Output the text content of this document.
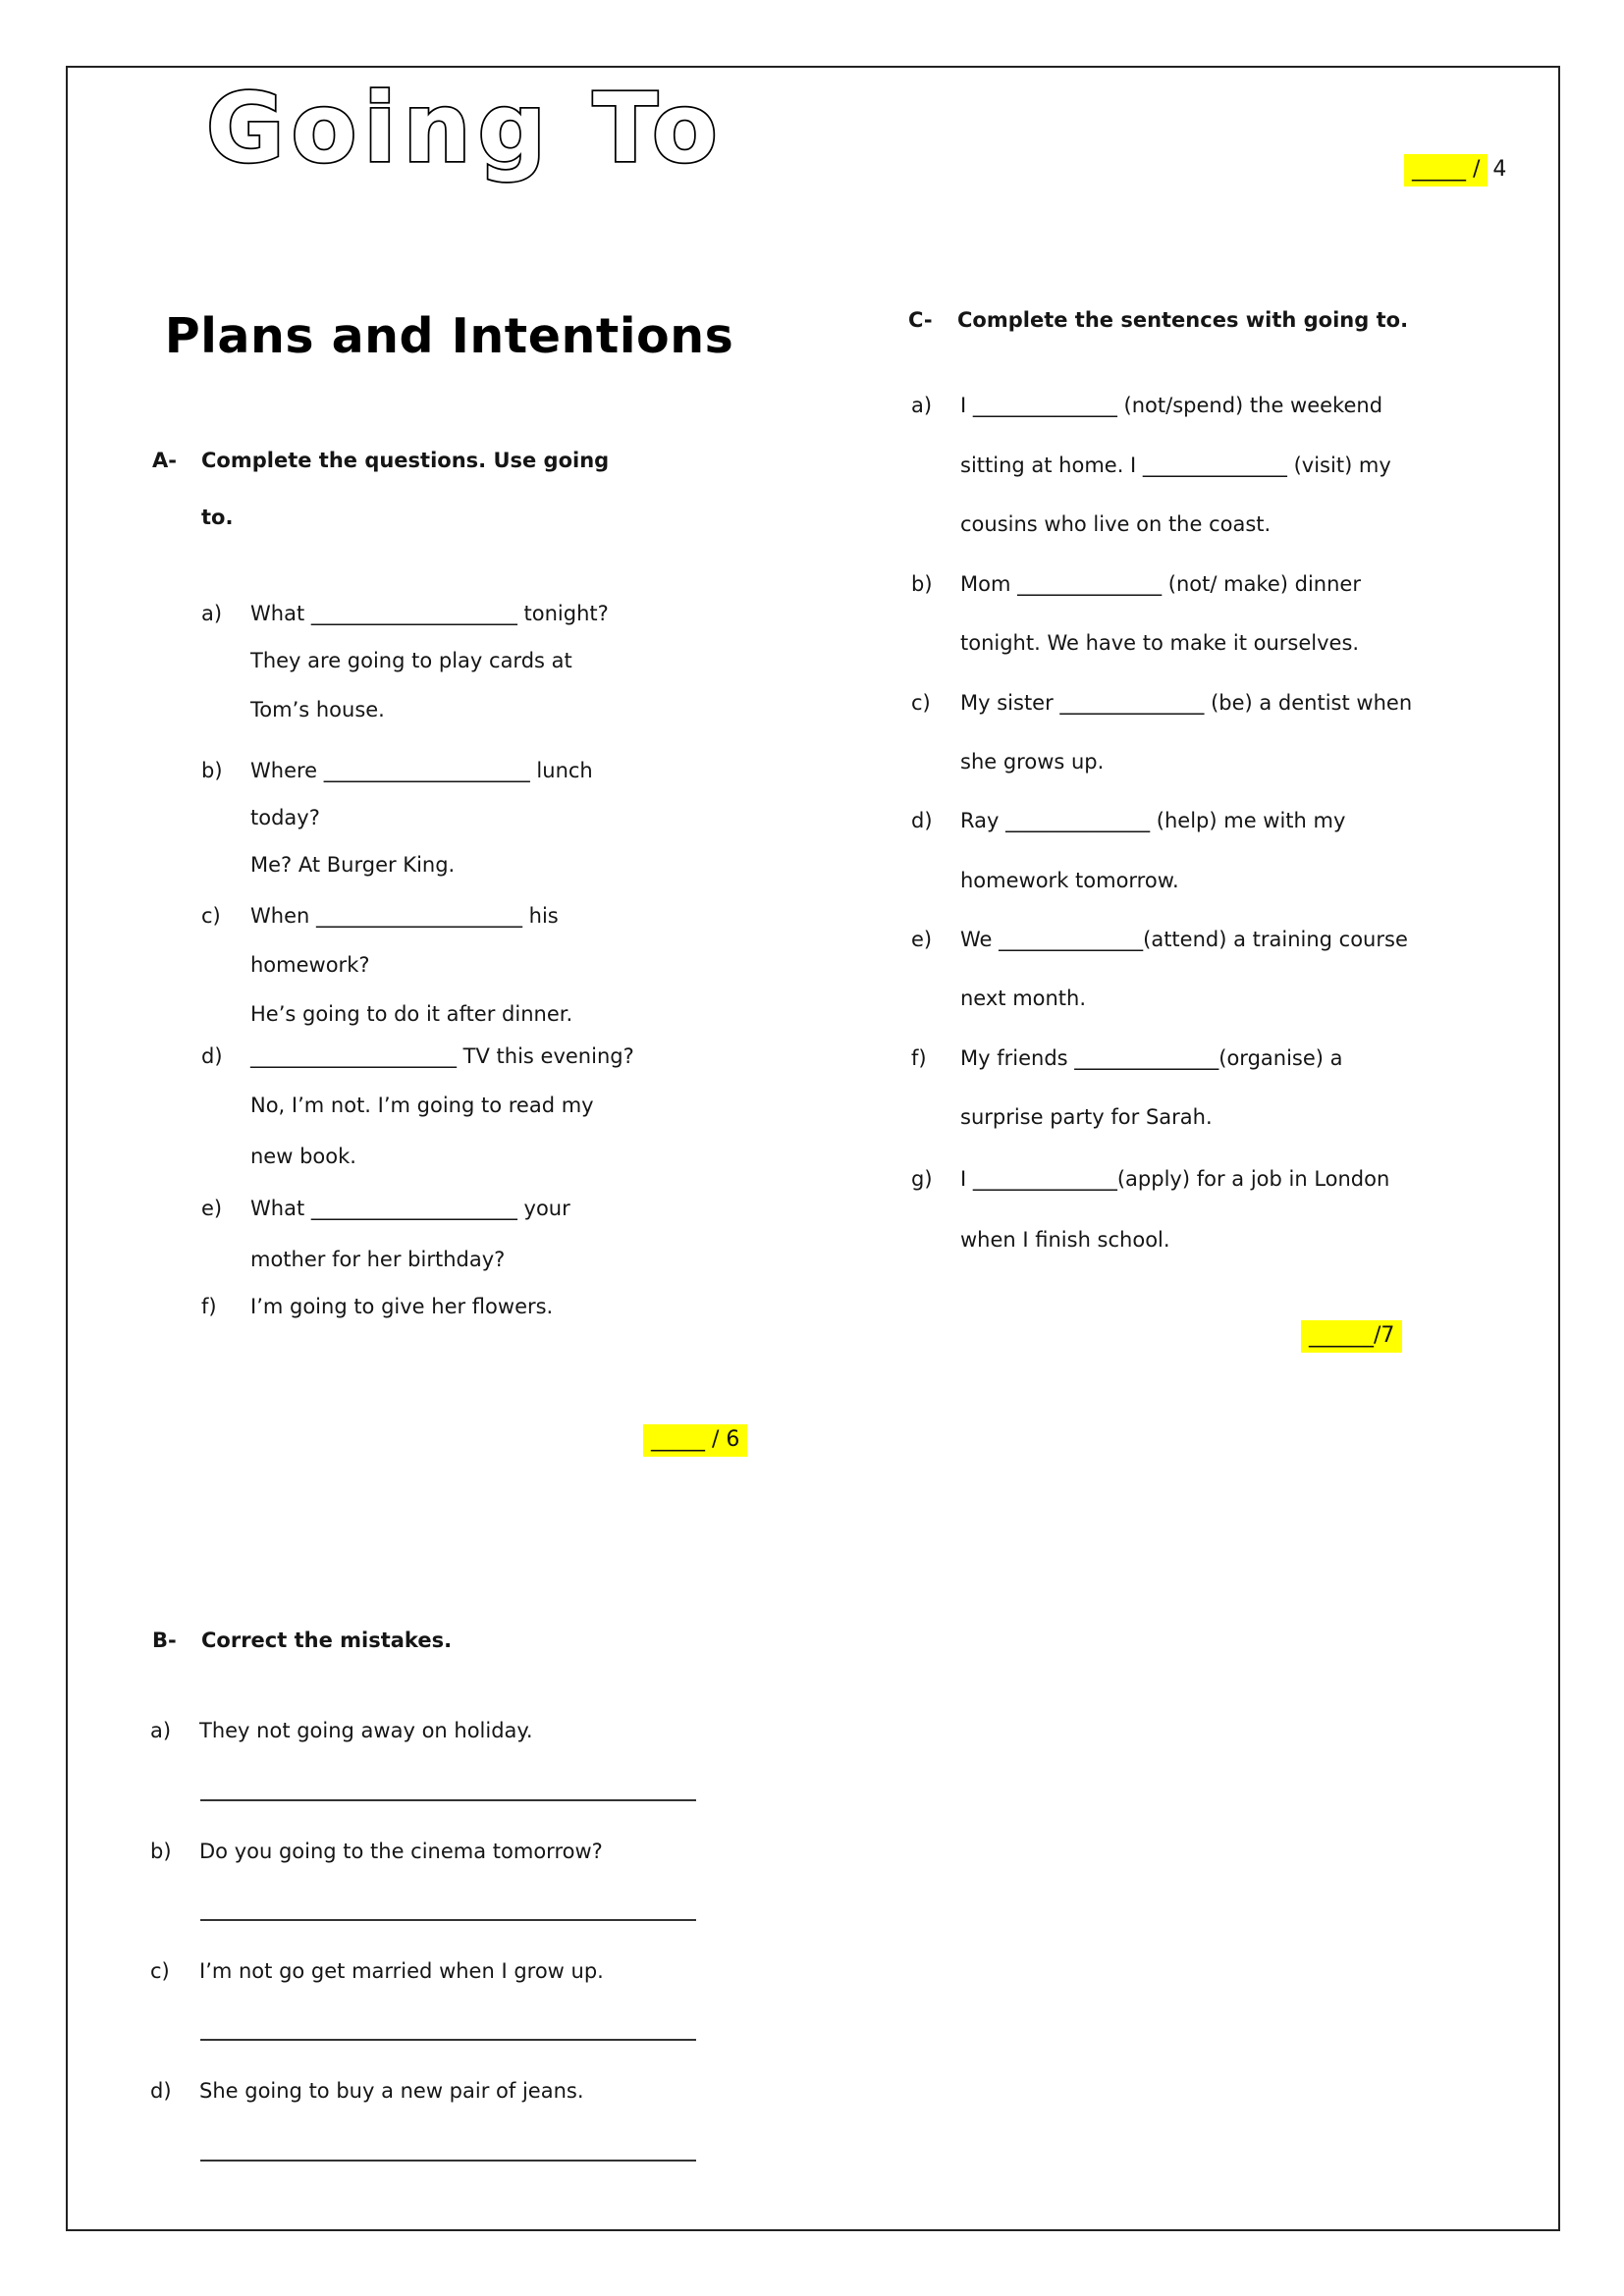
Going To	_____ / 4
Plans and Intentions
A- Complete the questions. Use going
to.
a) What ____________________ tonight?
They are going to play cards at
Tom’s house.
b) Where ____________________ lunch
today?
Me? At Burger King.
c) When ____________________ his
homework?
He’s going to do it after dinner.
d) ____________________ TV this evening?
No, I’m not. I’m going to read my
new book.
e) What ____________________ your
mother for her birthday?
f) I’m going to give her flowers.
_____ / 6
B- Correct the mistakes.
a) They not going away on holiday.
b) Do you going to the cinema tomorrow?
c) I’m not go get married when I grow up.
d) She going to buy a new pair of jeans.
C- Complete the sentences with going to.
a) I ______________ (not/spend) the weekend
sitting at home. I ______________ (visit) my
cousins who live on the coast.
b) Mom ______________ (not/ make) dinner
tonight. We have to make it ourselves.
c) My sister ______________ (be) a dentist when
she grows up.
d) Ray ______________ (help) me with my
homework tomorrow.
e) We ______________(attend) a training course
next month.
f) My friends ______________(organise) a
surprise party for Sarah.
g) I ______________(apply) for a job in London
when I finish school.
______/7
